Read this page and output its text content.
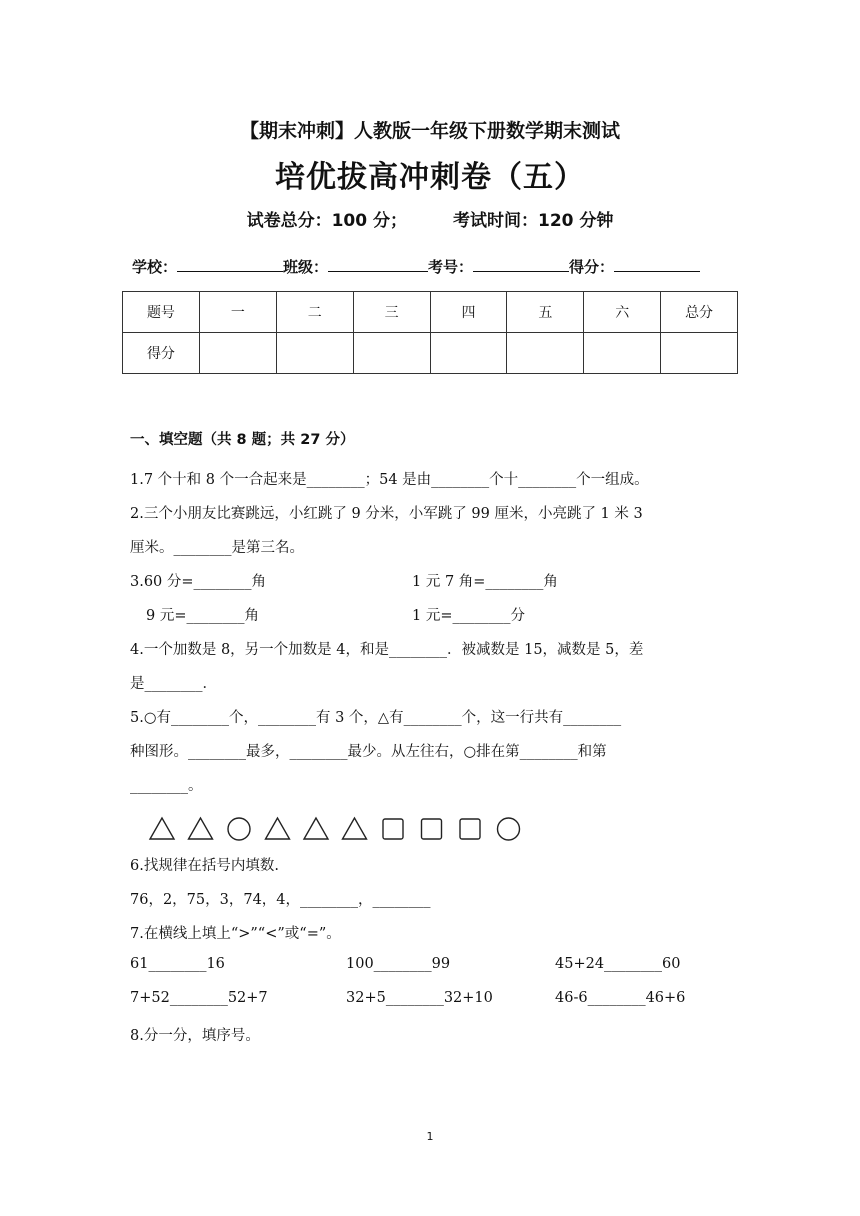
【期末冲刺】人教版一年级下册数学期末测试
培优拔高冲刺卷（五）
试卷总分：100 分；	考试时间：120 分钟
学校：	班级：	考号：	得分：
题号	一	二	三	四	五	六	总分
得分							
一、填空题（共 8 题；共 27 分）
1.7 个十和 8 个一合起来是________；54 是由________个十________个一组成。
2.三个小朋友比赛跳远，小红跳了 9 分米，小军跳了 99 厘米，小亮跳了 1 米 3
厘米。________是第三名。
3.60 分=________角	1 元 7 角=________角
9 元=________角	1 元=________分
4.一个加数是 8，另一个加数是 4，和是________．被减数是 15，减数是 5，差
是________．
5.○有________个，________有 3 个，△有________个，这一行共有________
种图形。________最多，________最少。从左往右，○排在第________和第
________。
6.找规律在括号内填数.
76，2，75，3，74，4，________，________
7.在横线上填上“>”“<”或“=”。
61________16	100________99	45+24________60
7+52________52+7	32+5________32+10	46-6________46+6
8.分一分，填序号。
1
